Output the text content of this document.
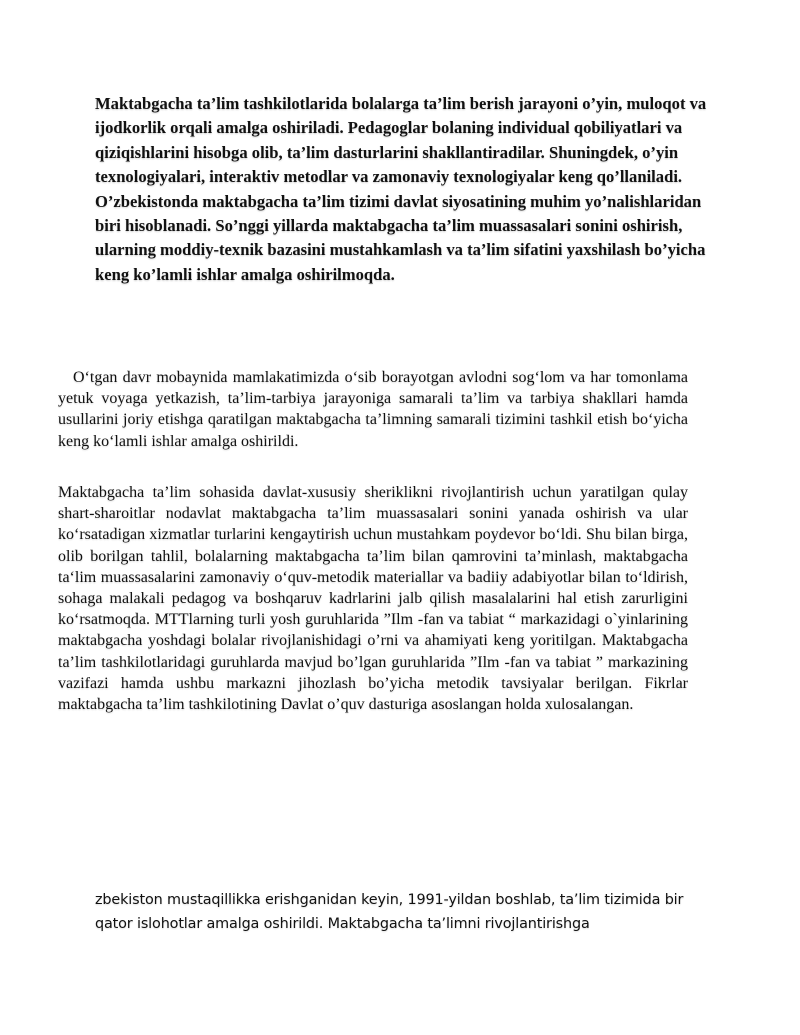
Maktabgacha ta’lim tashkilotlarida bolalarga ta’lim berish jarayoni o’yin, muloqot va ijodkorlik orqali amalga oshiriladi. Pedagoglar bolaning individual qobiliyatlari va qiziqishlarini hisobga olib, ta’lim dasturlarini shakllantiradilar. Shuningdek, o’yin texnologiyalari, interaktiv metodlar va zamonaviy texnologiyalar keng qo’llaniladi. O’zbekistonda maktabgacha ta’lim tizimi davlat siyosatining muhim yo’nalishlaridan biri hisoblanadi. So’nggi yillarda maktabgacha ta’lim muassasalari sonini oshirish, ularning moddiy-texnik bazasini mustahkamlash va ta’lim sifatini yaxshilash bo’yicha keng ko’lamli ishlar amalga oshirilmoqda.

O‘tgan davr mobaynida mamlakatimizda o‘sib borayotgan avlodni sog‘lom va har tomonlama yetuk voyaga yetkazish, ta’lim-tarbiya jarayoniga samarali ta’lim va tarbiya shakllari hamda usullarini joriy etishga qaratilgan maktabgacha ta’limning samarali tizimini tashkil etish bo‘yicha keng ko‘lamli ishlar amalga oshirildi.

Maktabgacha ta’lim sohasida davlat-xususiy sheriklikni rivojlantirish uchun yaratilgan qulay shart-sharoitlar nodavlat maktabgacha ta’lim muassasalari sonini yanada oshirish va ular ko‘rsatadigan xizmatlar turlarini kengaytirish uchun mustahkam poydevor bo‘ldi. Shu bilan birga, olib borilgan tahlil, bolalarning maktabgacha ta’lim bilan qamrovini ta’minlash, maktabgacha ta‘lim muassasalarini zamonaviy o‘quv-metodik materiallar va badiiy adabiyotlar bilan to‘ldirish, sohaga malakali pedagog va boshqaruv kadrlarini jalb qilish masalalarini hal etish zarurligini ko‘rsatmoqda. MTTlarning turli yosh guruhlarida ”Ilm -fan va tabiat “ markazidagi o`yinlarining maktabgacha yoshdagi bolalar rivojlanishidagi o’rni va ahamiyati keng yoritilgan. Maktabgacha ta’lim tashkilotlaridagi guruhlarda mavjud bo’lgan guruhlarida ”Ilm -fan va tabiat ” markazining vazifazi hamda ushbu markazni jihozlash bo’yicha metodik tavsiyalar berilgan. Fikrlar maktabgacha ta’lim tashkilotining Davlat o’quv dasturiga asoslangan holda xulosalangan.

zbekiston mustaqillikka erishganidan keyin, 1991-yildan boshlab, ta’lim tizimida bir qator islohotlar amalga oshirildi. Maktabgacha ta’limni rivojlantirishga
